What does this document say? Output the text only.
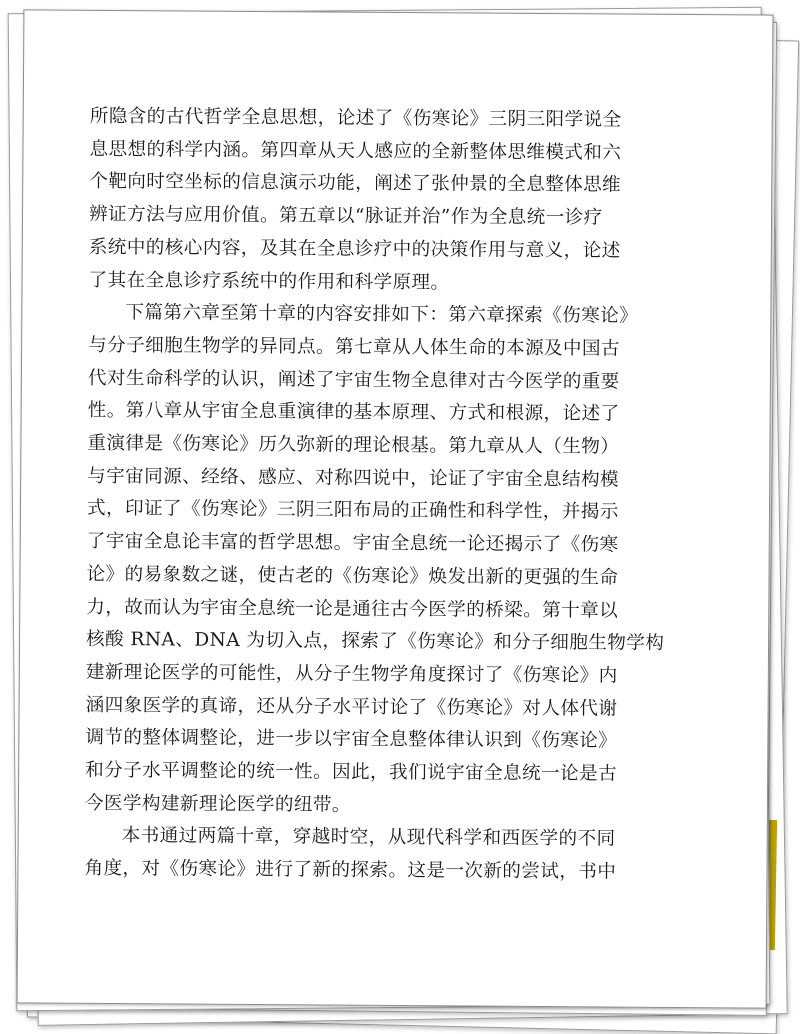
所隐含的古代哲学全息思想，论述了《伤寒论》三阴三阳学说全
息思想的科学内涵。第四章从天人感应的全新整体思维模式和六
个靶向时空坐标的信息演示功能，阐述了张仲景的全息整体思维
辨证方法与应用价值。第五章以“脉证并治”作为全息统一诊疗
系统中的核心内容，及其在全息诊疗中的决策作用与意义，论述
了其在全息诊疗系统中的作用和科学原理。
下篇第六章至第十章的内容安排如下：第六章探索《伤寒论》
与分子细胞生物学的异同点。第七章从人体生命的本源及中国古
代对生命科学的认识，阐述了宇宙生物全息律对古今医学的重要
性。第八章从宇宙全息重演律的基本原理、方式和根源，论述了
重演律是《伤寒论》历久弥新的理论根基。第九章从人（生物）
与宇宙同源、经络、感应、对称四说中，论证了宇宙全息结构模
式，印证了《伤寒论》三阴三阳布局的正确性和科学性，并揭示
了宇宙全息论丰富的哲学思想。宇宙全息统一论还揭示了《伤寒
论》的易象数之谜，使古老的《伤寒论》焕发出新的更强的生命
力，故而认为宇宙全息统一论是通往古今医学的桥梁。第十章以
核酸 RNA、DNA 为切入点，探索了《伤寒论》和分子细胞生物学构
建新理论医学的可能性，从分子生物学角度探讨了《伤寒论》内
涵四象医学的真谛，还从分子水平讨论了《伤寒论》对人体代谢
调节的整体调整论，进一步以宇宙全息整体律认识到《伤寒论》
和分子水平调整论的统一性。因此，我们说宇宙全息统一论是古
今医学构建新理论医学的纽带。
本书通过两篇十章，穿越时空，从现代科学和西医学的不同
角度，对《伤寒论》进行了新的探索。这是一次新的尝试，书中
